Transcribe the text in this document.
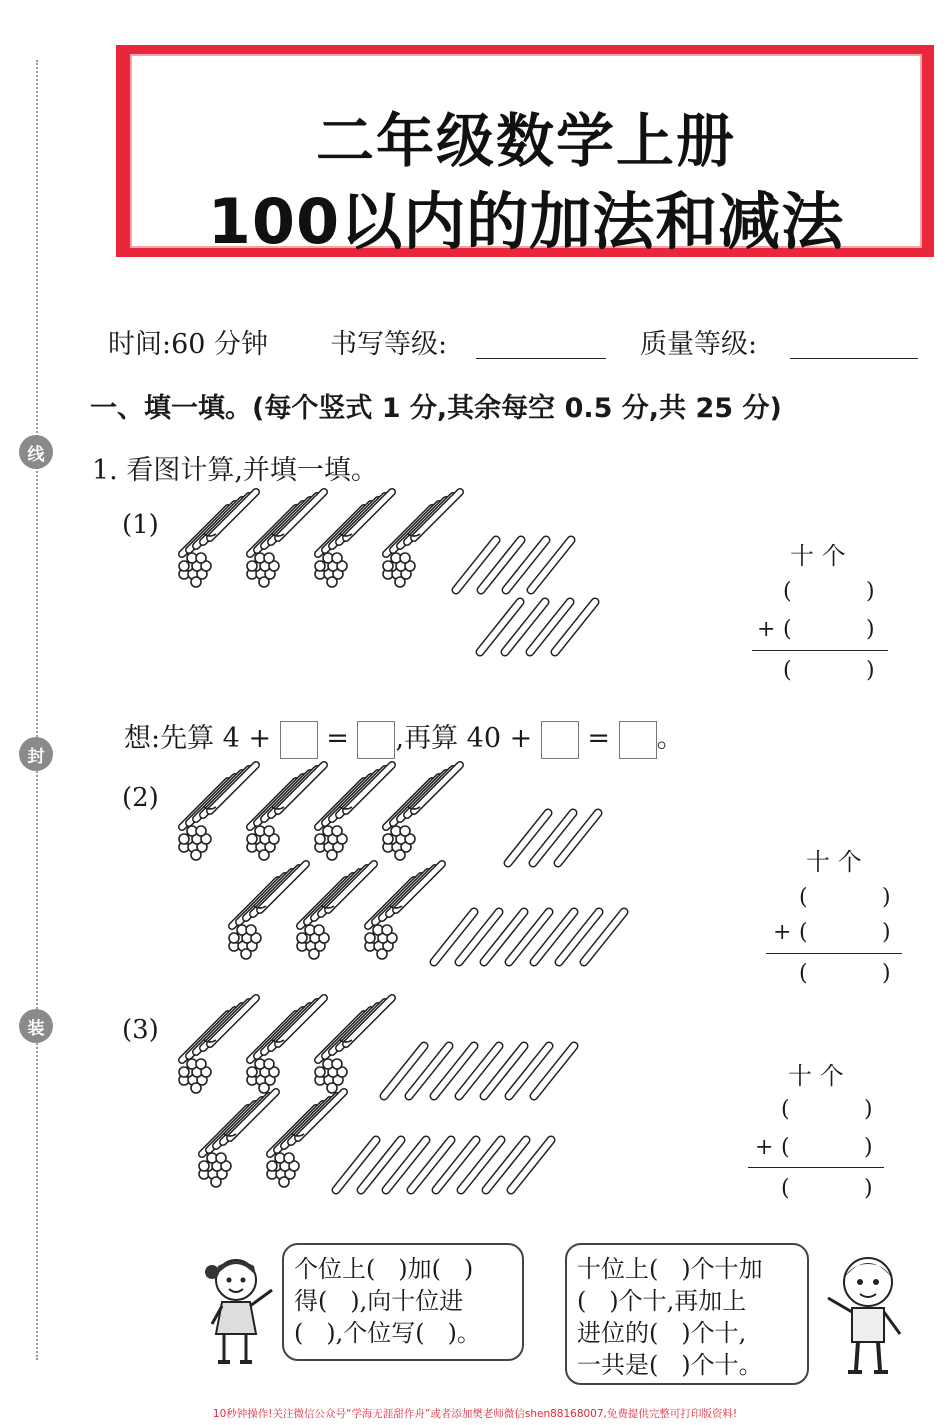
线
封
装
二年级数学上册
100以内的加法和减法
时间:60 分钟 书写等级:	质量等级:
一、填一填。(每个竖式 1 分,其余每空 0.5 分,共 25 分)
1. 看图计算,并填一填。
(1)
(2)
(3)
十 个
(	)
+ (	)
(	)
十 个
(	)
+ (	)
(	)
十 个
(	)
+ (	)
(	)
想:先算 4 + = ,再算 40 + = 。
个位上(   )加(   )
得(   ),向十位进
(   ),个位写(   )。
十位上(   )个十加
(   )个十,再加上
进位的(   )个十,
一共是(   )个十。
10秒钟操作!关注微信公众号“学海无涯甜作舟”或者添加樊老师微信shen88168007,免费提供完整可打印版资料!
